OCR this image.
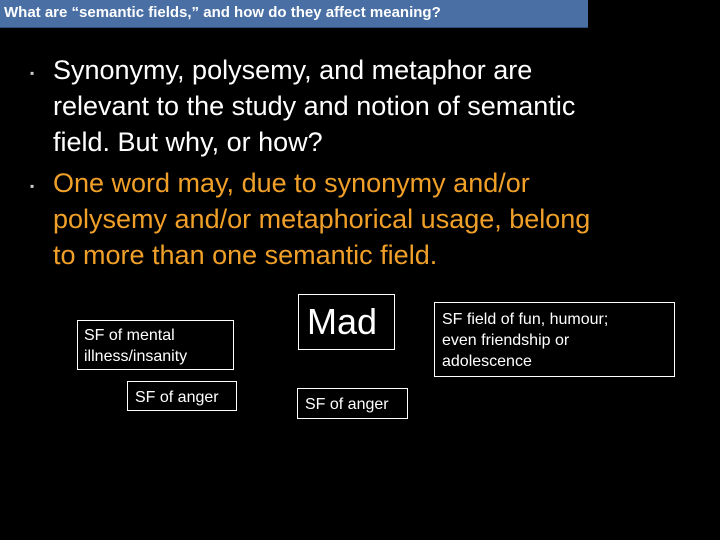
What are “semantic fields,” and how do they affect meaning?
▪ Synonymy, polysemy, and metaphor are
relevant to the study and notion of semantic
field. But why, or how?
▪ One word may, due to synonymy and/or
polysemy and/or metaphorical usage, belong
to more than one semantic field.
Mad	SF field of fun, humour;
even friendship or
adolescence
SF of mental
illness/insanity
SF of anger	SF of anger
